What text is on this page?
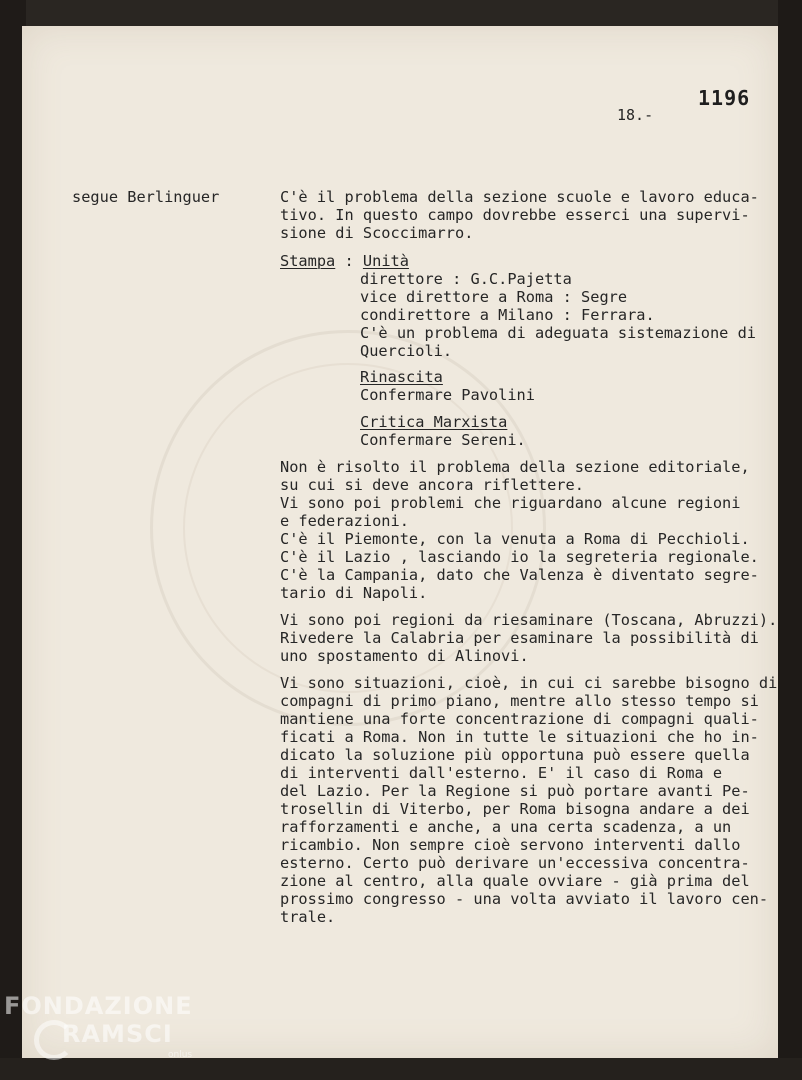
1196
18.-
segue Berlinguer	C'è il problema della sezione scuole e lavoro educa-
tivo. In questo campo dovrebbe esserci una supervi-
sione di Scoccimarro.
Stampa : Unità
direttore : G.C.Pajetta
vice direttore a Roma : Segre
condirettore a Milano : Ferrara.
C'è un problema di adeguata sistemazione di
Quercioli.
Rinascita
Confermare Pavolini
Critica Marxista
Confermare Sereni.
Non è risolto il problema della sezione editoriale,
su cui si deve ancora riflettere.
Vi sono poi problemi che riguardano alcune regioni
e federazioni.
C'è il Piemonte, con la venuta a Roma di Pecchioli.
C'è il Lazio , lasciando io la segreteria regionale.
C'è la Campania, dato che Valenza è diventato segre-
tario di Napoli.
Vi sono poi regioni da riesaminare (Toscana, Abruzzi).
Rivedere la Calabria per esaminare la possibilità di
uno spostamento di Alinovi.
Vi sono situazioni, cioè, in cui ci sarebbe bisogno di
compagni di primo piano, mentre allo stesso tempo si
mantiene una forte concentrazione di compagni quali-
ficati a Roma. Non in tutte le situazioni che ho in-
dicato la soluzione più opportuna può essere quella
di interventi dall'esterno. E' il caso di Roma e
del Lazio. Per la Regione si può portare avanti Pe-
trosellin di Viterbo, per Roma bisogna andare a dei
rafforzamenti e anche, a una certa scadenza, a un
ricambio. Non sempre cioè servono interventi dallo
esterno. Certo può derivare un'eccessiva concentra-
zione al centro, alla quale ovviare - già prima del
prossimo congresso - una volta avviato il lavoro cen-
trale.
FONDAZIONE
RAMSCI
onlus
